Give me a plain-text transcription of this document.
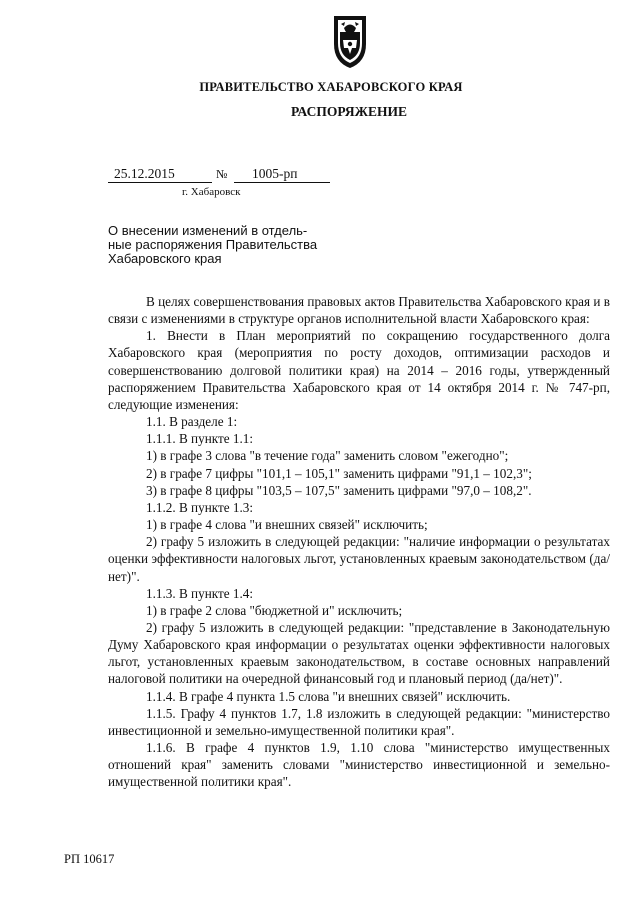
ПРАВИТЕЛЬСТВО ХАБАРОВСКОГО КРАЯ
РАСПОРЯЖЕНИЕ
25.12.2015	№	1005-рп
г. Хабаровск
О внесении изменений в отдель-
ные распоряжения Правительства
Хабаровского края

В целях совершенствования правовых актов Правительства Хабаровского края и в связи с изменениями в структуре органов исполнительной власти Хабаровского края:

1. Внести в План мероприятий по сокращению государственного долга Хабаровского края (мероприятия по росту доходов, оптимизации расходов и совершенствованию долговой политики края) на 2014 – 2016 годы, утвержденный распоряжением Правительства Хабаровского края от 14 октября 2014 г. № 747-рп, следующие изменения:

1.1. В разделе 1:

1.1.1. В пункте 1.1:

1) в графе 3 слова "в течение года" заменить словом "ежегодно";

2) в графе 7 цифры "101,1 – 105,1" заменить цифрами "91,1 – 102,3";

3) в графе 8 цифры "103,5 – 107,5" заменить цифрами "97,0 – 108,2".

1.1.2. В пункте 1.3:

1) в графе 4 слова "и внешних связей" исключить;

2) графу 5 изложить в следующей редакции: "наличие информации о результатах оценки эффективности налоговых льгот, установленных краевым законодательством (да/нет)".

1.1.3. В пункте 1.4:

1) в графе 2 слова "бюджетной и" исключить;

2) графу 5 изложить в следующей редакции: "представление в Законодательную Думу Хабаровского края информации о результатах оценки эффективности налоговых льгот, установленных краевым законодательством, в составе основных направлений налоговой политики на очередной финансовый год и плановый период (да/нет)".

1.1.4. В графе 4 пункта 1.5 слова "и внешних связей" исключить.

1.1.5. Графу 4 пунктов 1.7, 1.8 изложить в следующей редакции: "министерство инвестиционной и земельно-имущественной политики края".

1.1.6. В графе 4 пунктов 1.9, 1.10 слова "министерство имущественных отношений края" заменить словами "министерство инвестиционной и земельно-имущественной политики края".

РП 10617
